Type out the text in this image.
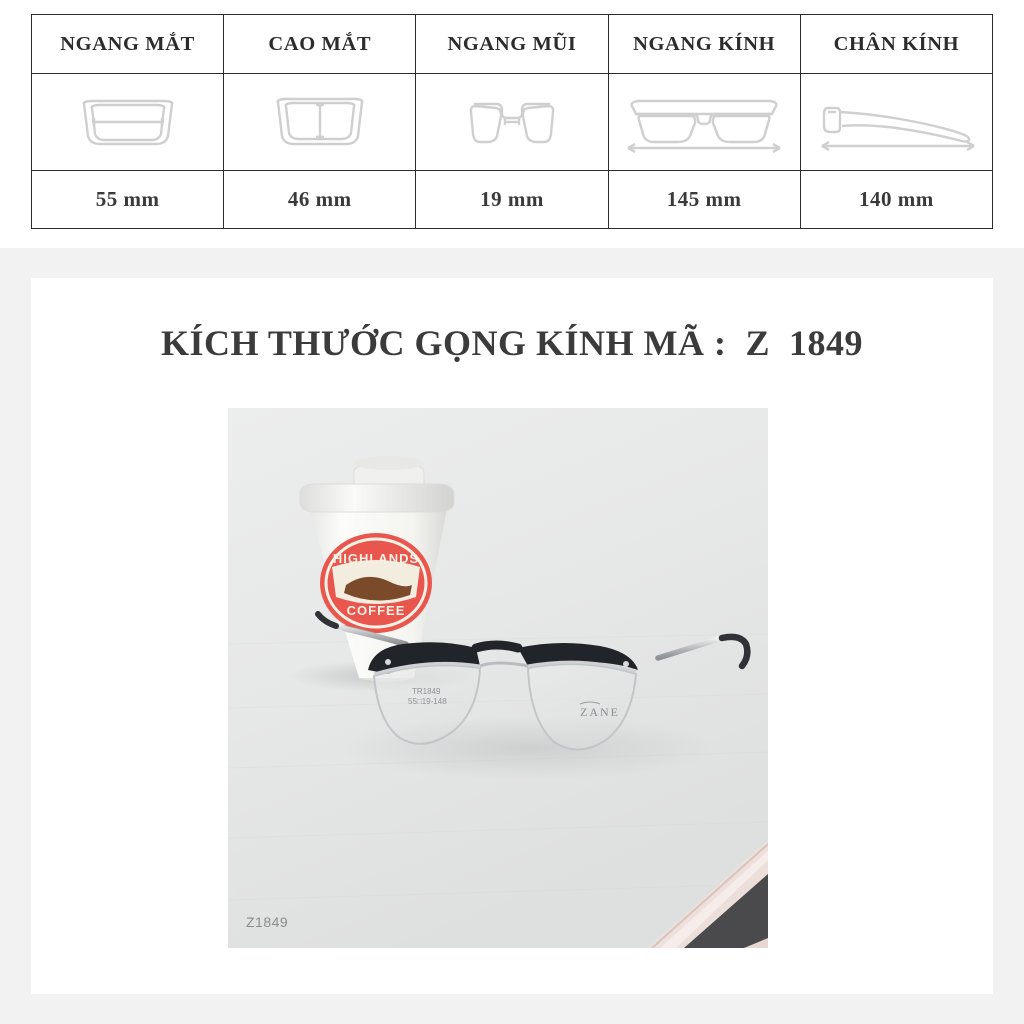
NGANG MẮT	CAO MẮT	NGANG MŨI	NGANG KÍNH	CHÂN KÍNH

55 mm	46 mm	19 mm	145 mm	140 mm
KÍCH THƯỚC GỌNG KÍNH MÃ :  Z  1849
HIGHLANDS
COFFEE
TR1849
55□19-148
ZANE
Z1849
